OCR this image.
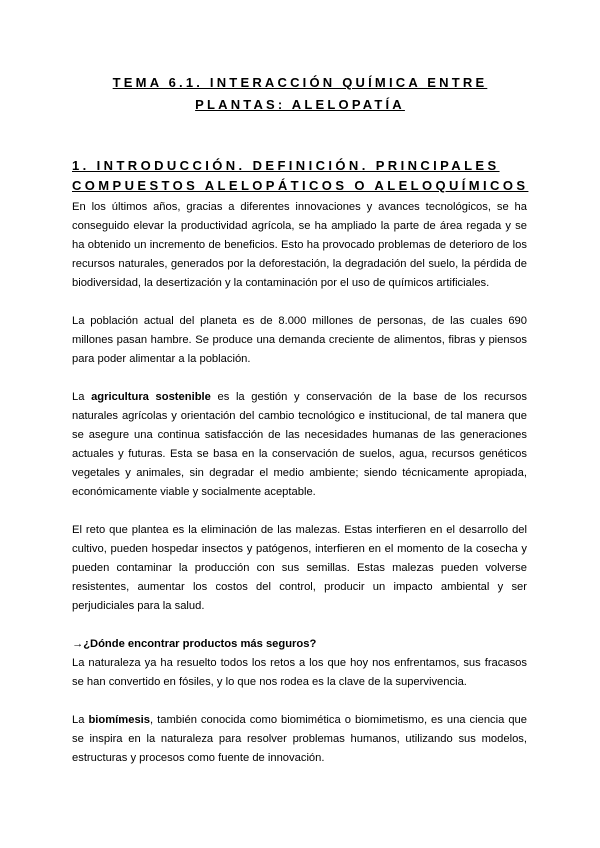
TEMA 6.1. INTERACCIÓN QUÍMICA ENTRE
PLANTAS: ALELOPATÍA
1. INTRODUCCIÓN. DEFINICIÓN. PRINCIPALES
COMPUESTOS ALELOPÁTICOS O ALELOQUÍMICOS

En los últimos años, gracias a diferentes innovaciones y avances tecnológicos, se ha conseguido elevar la productividad agrícola, se ha ampliado la parte de área regada y se ha obtenido un incremento de beneficios. Esto ha provocado problemas de deterioro de los recursos naturales, generados por la deforestación, la degradación del suelo, la pérdida de biodiversidad, la desertización y la contaminación por el uso de químicos artificiales.

La población actual del planeta es de 8.000 millones de personas, de las cuales 690 millones pasan hambre. Se produce una demanda creciente de alimentos, fibras y piensos para poder alimentar a la población.

La agricultura sostenible es la gestión y conservación de la base de los recursos naturales agrícolas y orientación del cambio tecnológico e institucional, de tal manera que se asegure una continua satisfacción de las necesidades humanas de las generaciones actuales y futuras. Esta se basa en la conservación de suelos, agua, recursos genéticos vegetales y animales, sin degradar el medio ambiente; siendo técnicamente apropiada, económicamente viable y socialmente aceptable.

El reto que plantea es la eliminación de las malezas. Estas interfieren en el desarrollo del cultivo, pueden hospedar insectos y patógenos, interfieren en el momento de la cosecha y pueden contaminar la producción con sus semillas. Estas malezas pueden volverse resistentes, aumentar los costos del control, producir un impacto ambiental y ser perjudiciales para la salud.

→¿Dónde encontrar productos más seguros?

La naturaleza ya ha resuelto todos los retos a los que hoy nos enfrentamos, sus fracasos se han convertido en fósiles, y lo que nos rodea es la clave de la supervivencia.

La biomímesis, también conocida como biomimética o biomimetismo, es una ciencia que se inspira en la naturaleza para resolver problemas humanos, utilizando sus modelos, estructuras y procesos como fuente de innovación.
